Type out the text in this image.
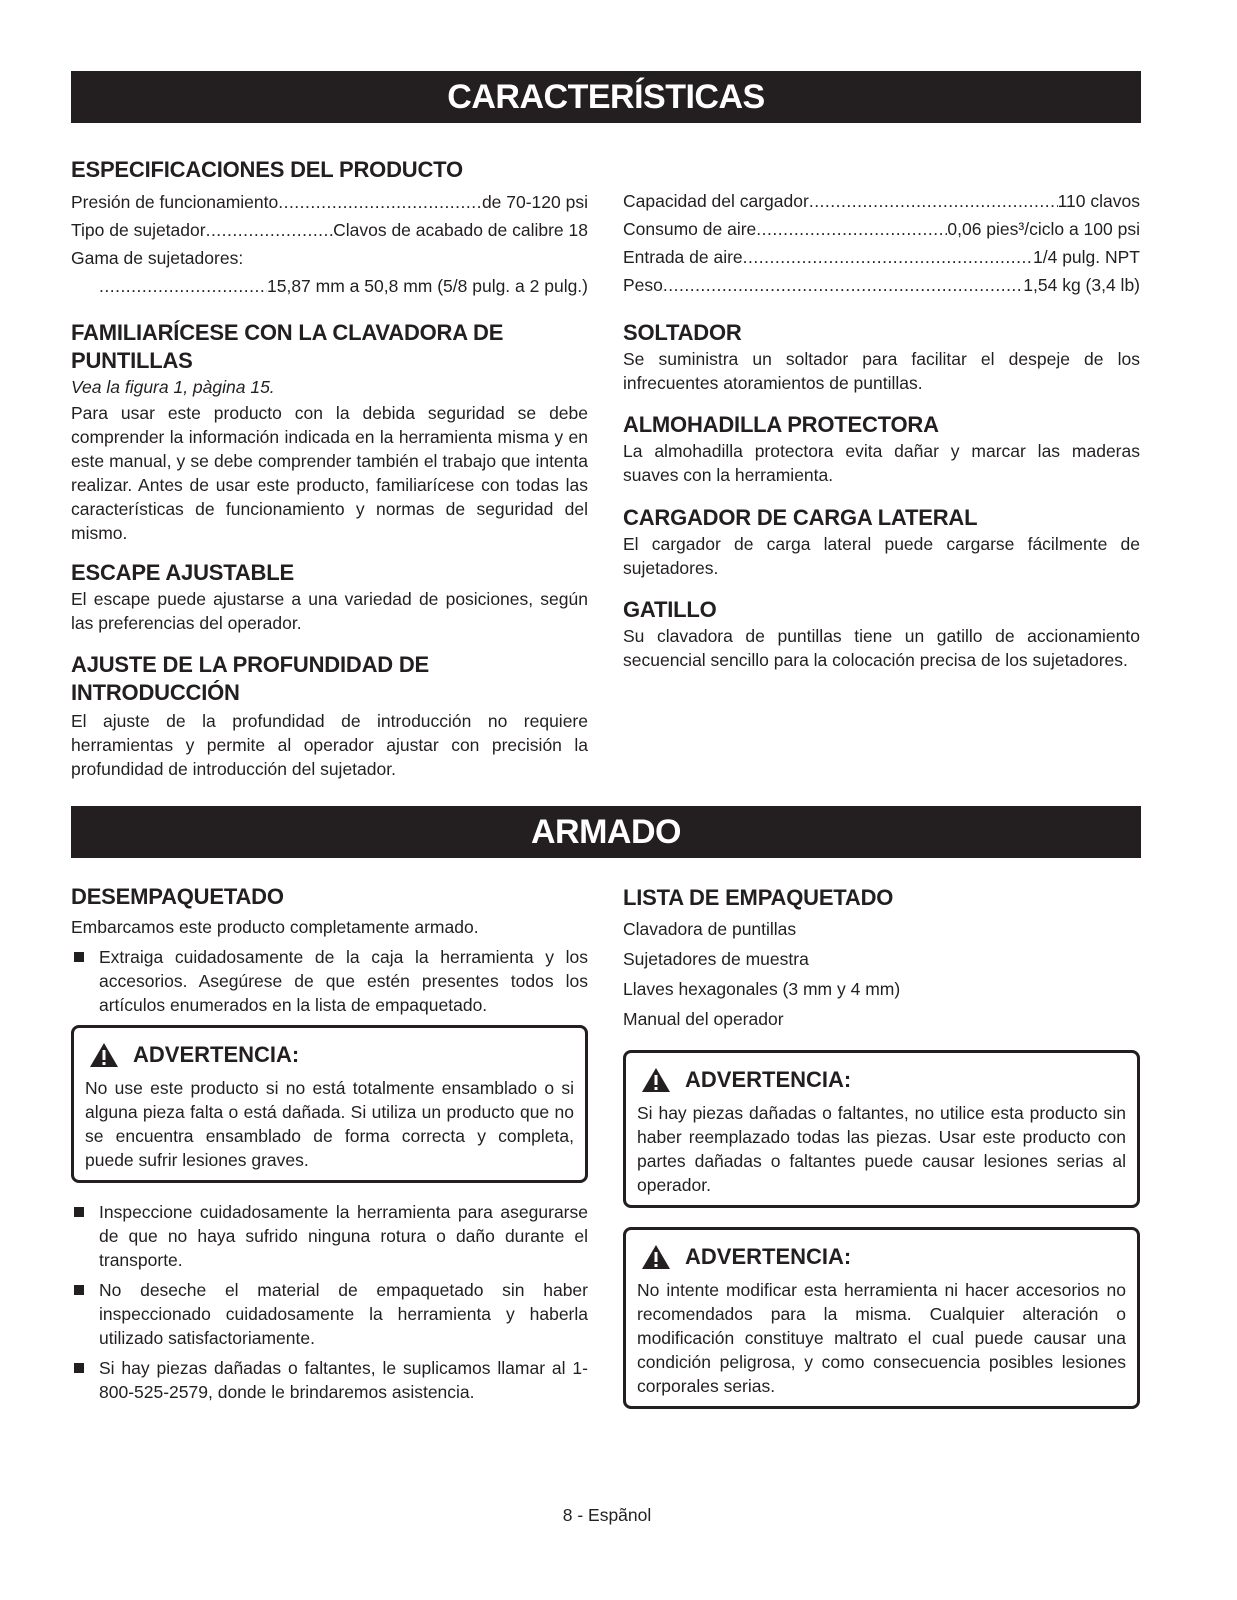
CARACTERÍSTICAS
ESPECIFICACIONES DEL PRODUCTO
Presión de funcionamiento .....	de 70-120 psi
Tipo de sujetador .....	Clavos de acabado de calibre 18
Gama de sujetadores:
.....
15,87 mm a 50,8 mm (5/8 pulg. a 2 pulg.)
FAMILIARÍCESE CON LA CLAVADORA DE PUNTILLAS

Vea la figura 1, pàgina 15.

Para usar este producto con la debida seguridad se debe comprender la información indicada en la herramienta misma y en este manual, y se debe comprender también el trabajo que intenta realizar. Antes de usar este producto, familiarícese con todas las características de funcionamiento y normas de seguridad del mismo.

ESCAPE AJUSTABLE

El escape puede ajustarse a una variedad de posiciones, según las preferencias del operador.

AJUSTE DE LA PROFUNDIDAD DE INTRODUCCIÓN

El ajuste de la profundidad de introducción no requiere herramientas y permite al operador ajustar con precisión la profundidad de introducción del sujetador.

Capacidad del cargador .....	110 clavos
Consumo de aire .....	0,06 pies³/ciclo a 100 psi
Entrada de aire .....	1/4 pulg. NPT
Peso .....	1,54 kg (3,4 lb)
SOLTADOR

Se suministra un soltador para facilitar el despeje de los infrecuentes atoramientos de puntillas.

ALMOHADILLA PROTECTORA

La almohadilla protectora evita dañar y marcar las maderas suaves con la herramienta.

CARGADOR DE CARGA LATERAL

El cargador de carga lateral puede cargarse fácilmente de sujetadores.

GATILLO

Su clavadora de puntillas tiene un gatillo de accionamiento secuencial sencillo para la colocación precisa de los sujetadores.

ARMADO
DESEMPAQUETADO

Embarcamos este producto completamente armado.

Extraiga cuidadosamente de la caja la herramienta y los accesorios. Asegúrese de que estén presentes todos los artículos enumerados en la lista de empaquetado.
ADVERTENCIA:

No use este producto si no está totalmente ensamblado o si alguna pieza falta o está dañada. Si utiliza un producto que no se encuentra ensamblado de forma correcta y completa, puede sufrir lesiones graves.

Inspeccione cuidadosamente la herramienta para asegurarse de que no haya sufrido ninguna rotura o daño durante el transporte.
No deseche el material de empaquetado sin haber inspeccionado cuidadosamente la herramienta y haberla utilizado satisfactoriamente.
Si hay piezas dañadas o faltantes, le suplicamos llamar al 1-800-525-2579, donde le brindaremos asistencia.
LISTA DE EMPAQUETADO
Clavadora de puntillas
Sujetadores de muestra
Llaves hexagonales (3 mm y 4 mm)
Manual del operador
ADVERTENCIA:

Si hay piezas dañadas o faltantes, no utilice esta producto sin haber reemplazado todas las piezas. Usar este producto con partes dañadas o faltantes puede causar lesiones serias al operador.

ADVERTENCIA:

No intente modificar esta herramienta ni hacer accesorios no recomendados para la misma. Cualquier alteración o modificación constituye maltrato el cual puede causar una condición peligrosa, y como consecuencia posibles lesiones corporales serias.

8 - Espãnol
